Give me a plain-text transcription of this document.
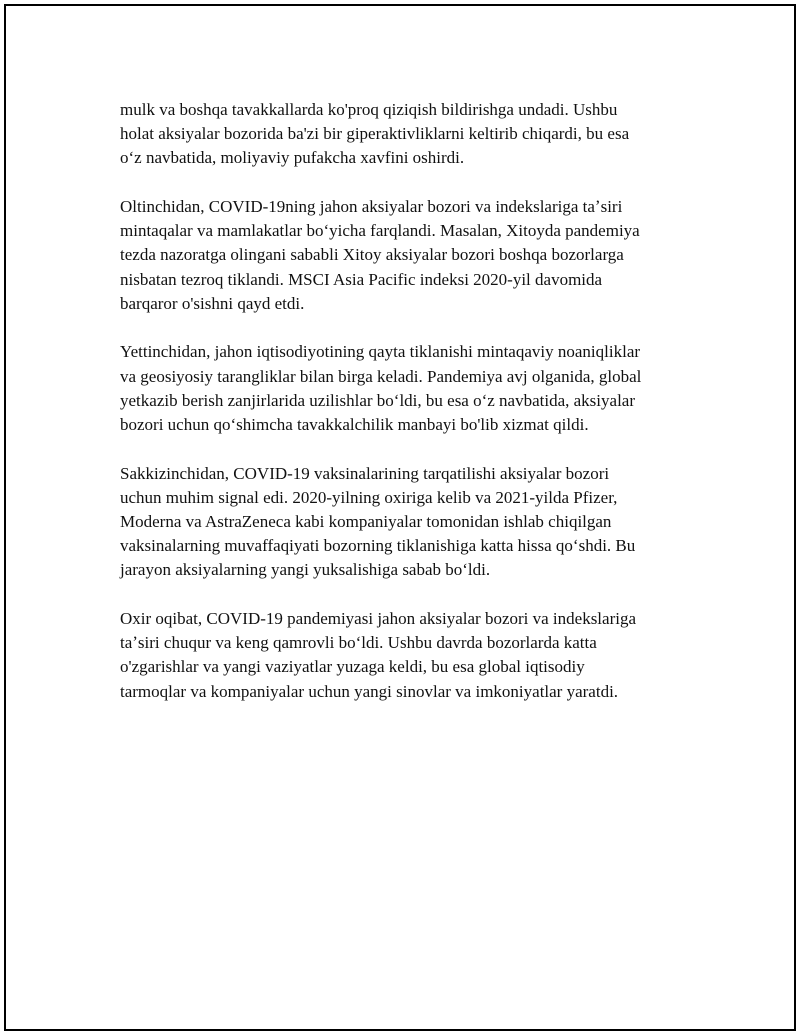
mulk va boshqa tavakkallarda ko'proq qiziqish bildirishga undadi. Ushbu
holat aksiyalar bozorida ba'zi bir giperaktivliklarni keltirib chiqardi, bu esa
oʻz navbatida, moliyaviy pufakcha xavfini oshirdi.

Oltinchidan, COVID-19ning jahon aksiyalar bozori va indekslariga taʼsiri
mintaqalar va mamlakatlar boʻyicha farqlandi. Masalan, Xitoyda pandemiya
tezda nazoratga olingani sababli Xitoy aksiyalar bozori boshqa bozorlarga
nisbatan tezroq tiklandi. MSCI Asia Pacific indeksi 2020-yil davomida
barqaror o'sishni qayd etdi.

Yettinchidan, jahon iqtisodiyotining qayta tiklanishi mintaqaviy noaniqliklar
va geosiyosiy tarangliklar bilan birga keladi. Pandemiya avj olganida, global
yetkazib berish zanjirlarida uzilishlar boʻldi, bu esa oʻz navbatida, aksiyalar
bozori uchun qoʻshimcha tavakkalchilik manbayi bo'lib xizmat qildi.

Sakkizinchidan, COVID-19 vaksinalarining tarqatilishi aksiyalar bozori
uchun muhim signal edi. 2020-yilning oxiriga kelib va 2021-yilda Pfizer,
Moderna va AstraZeneca kabi kompaniyalar tomonidan ishlab chiqilgan
vaksinalarning muvaffaqiyati bozorning tiklanishiga katta hissa qoʻshdi. Bu
jarayon aksiyalarning yangi yuksalishiga sabab boʻldi.

Oxir oqibat, COVID-19 pandemiyasi jahon aksiyalar bozori va indekslariga
taʼsiri chuqur va keng qamrovli boʻldi. Ushbu davrda bozorlarda katta
o'zgarishlar va yangi vaziyatlar yuzaga keldi, bu esa global iqtisodiy
tarmoqlar va kompaniyalar uchun yangi sinovlar va imkoniyatlar yaratdi.
